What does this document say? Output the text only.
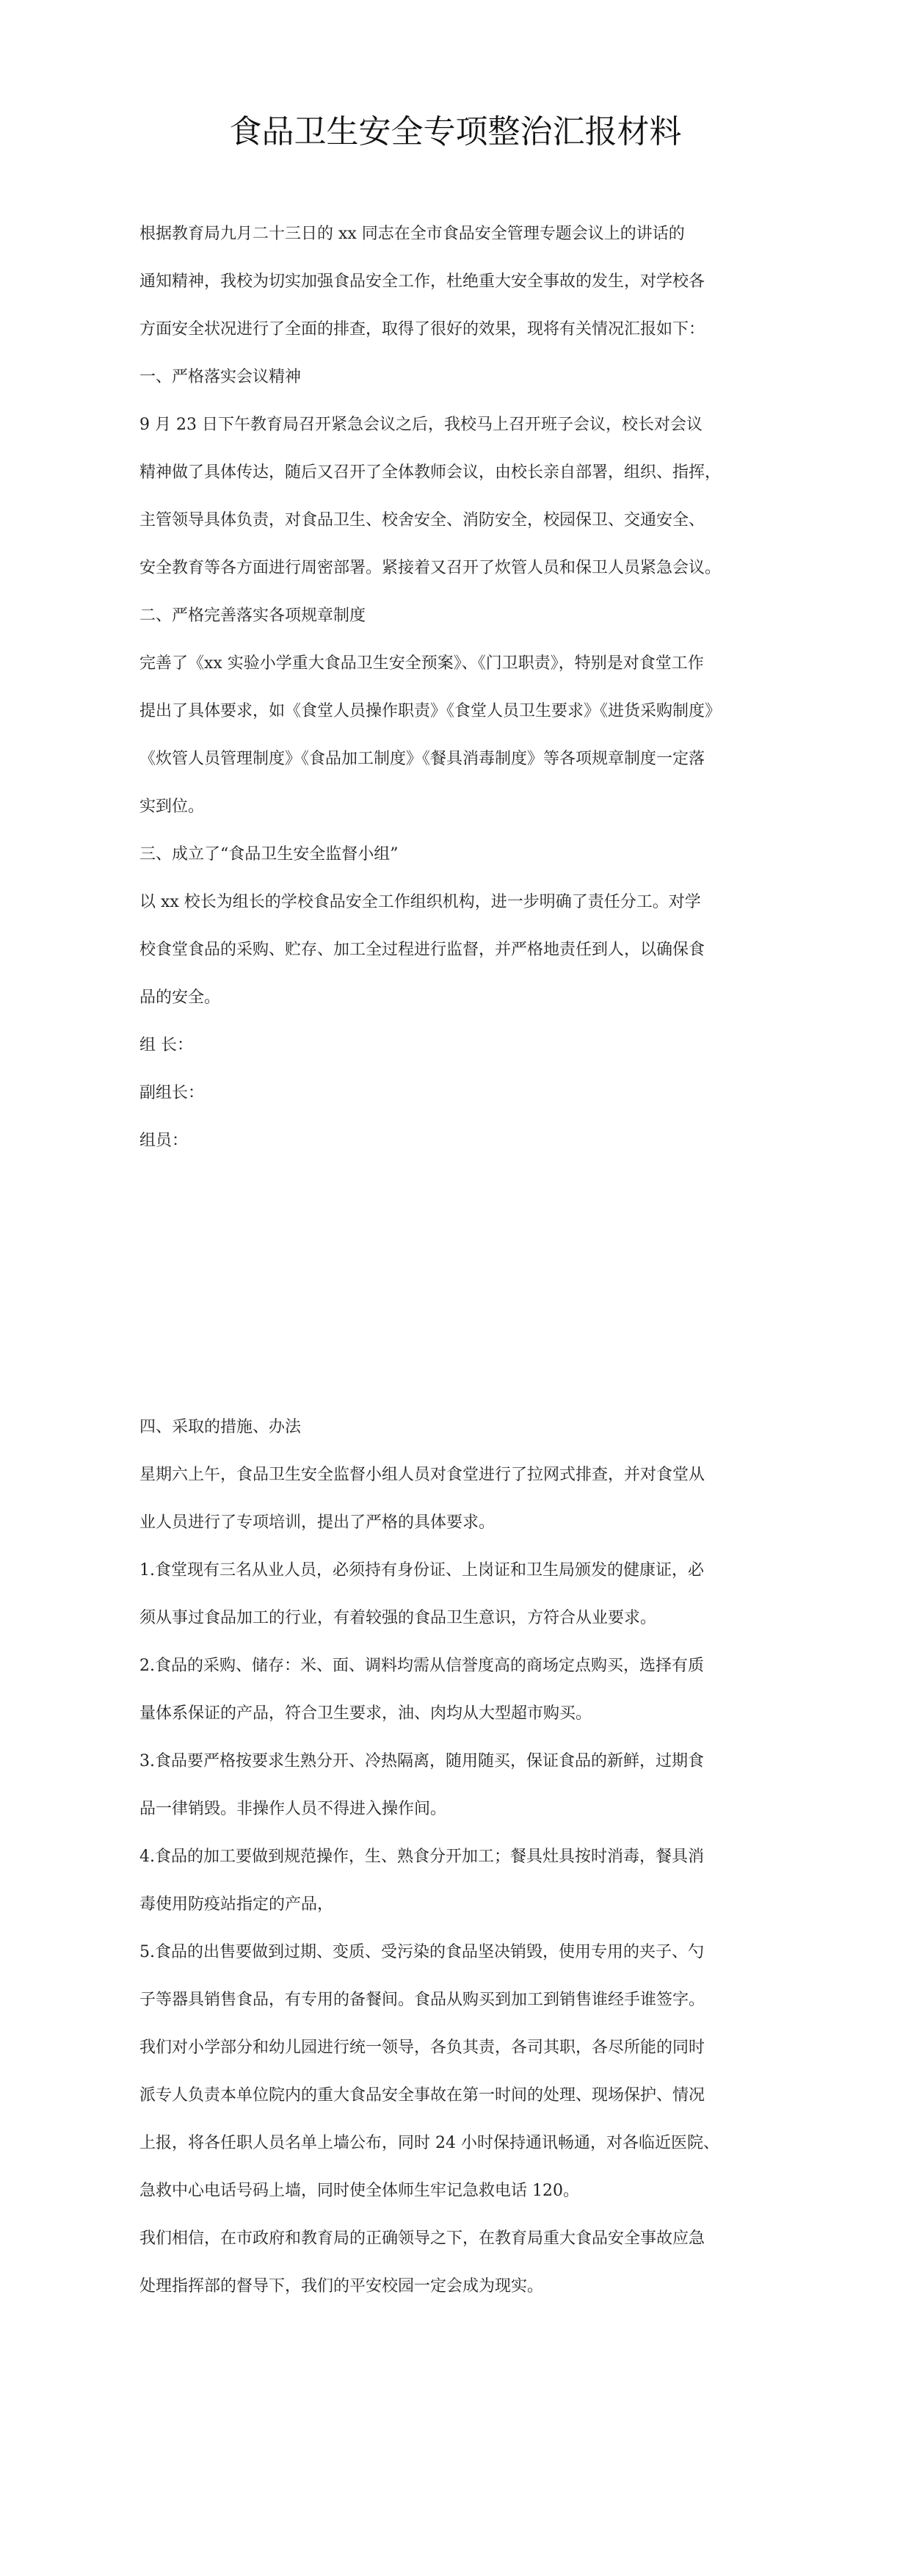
食品卫生安全专项整治汇报材料
根据教育局九月二十三日的 xx 同志在全市食品安全管理专题会议上的讲话的
通知精神，我校为切实加强食品安全工作，杜绝重大安全事故的发生，对学校各
方面安全状况进行了全面的排查，取得了很好的效果，现将有关情况汇报如下：
一、严格落实会议精神
9 月 23 日下午教育局召开紧急会议之后，我校马上召开班子会议，校长对会议
精神做了具体传达，随后又召开了全体教师会议，由校长亲自部署，组织、指挥，
主管领导具体负责，对食品卫生、校舍安全、消防安全，校园保卫、交通安全、
安全教育等各方面进行周密部署。紧接着又召开了炊管人员和保卫人员紧急会议。
二、严格完善落实各项规章制度
完善了《xx 实验小学重大食品卫生安全预案》、《门卫职责》，特别是对食堂工作
提出了具体要求，如《食堂人员操作职责》《食堂人员卫生要求》《进货采购制度》
《炊管人员管理制度》《食品加工制度》《餐具消毒制度》等各项规章制度一定落
实到位。
三、成立了“食品卫生安全监督小组”
以 xx 校长为组长的学校食品安全工作组织机构，进一步明确了责任分工。对学
校食堂食品的采购、贮存、加工全过程进行监督，并严格地责任到人，以确保食
品的安全。
组 长：
副组长：
组员：
四、采取的措施、办法
星期六上午，食品卫生安全监督小组人员对食堂进行了拉网式排查，并对食堂从
业人员进行了专项培训，提出了严格的具体要求。
1.食堂现有三名从业人员，必须持有身份证、上岗证和卫生局颁发的健康证，必
须从事过食品加工的行业，有着较强的食品卫生意识，方符合从业要求。
2.食品的采购、储存：米、面、调料均需从信誉度高的商场定点购买，选择有质
量体系保证的产品，符合卫生要求，油、肉均从大型超市购买。
3.食品要严格按要求生熟分开、冷热隔离，随用随买，保证食品的新鲜，过期食
品一律销毁。非操作人员不得进入操作间。
4.食品的加工要做到规范操作，生、熟食分开加工；餐具灶具按时消毒，餐具消
毒使用防疫站指定的产品，
5.食品的出售要做到过期、变质、受污染的食品坚决销毁，使用专用的夹子、勺
子等器具销售食品，有专用的备餐间。食品从购买到加工到销售谁经手谁签字。
我们对小学部分和幼儿园进行统一领导，各负其责，各司其职，各尽所能的同时
派专人负责本单位院内的重大食品安全事故在第一时间的处理、现场保护、情况
上报，将各任职人员名单上墙公布，同时 24 小时保持通讯畅通，对各临近医院、
急救中心电话号码上墙，同时使全体师生牢记急救电话 120。
我们相信，在市政府和教育局的正确领导之下，在教育局重大食品安全事故应急
处理指挥部的督导下，我们的平安校园一定会成为现实。
